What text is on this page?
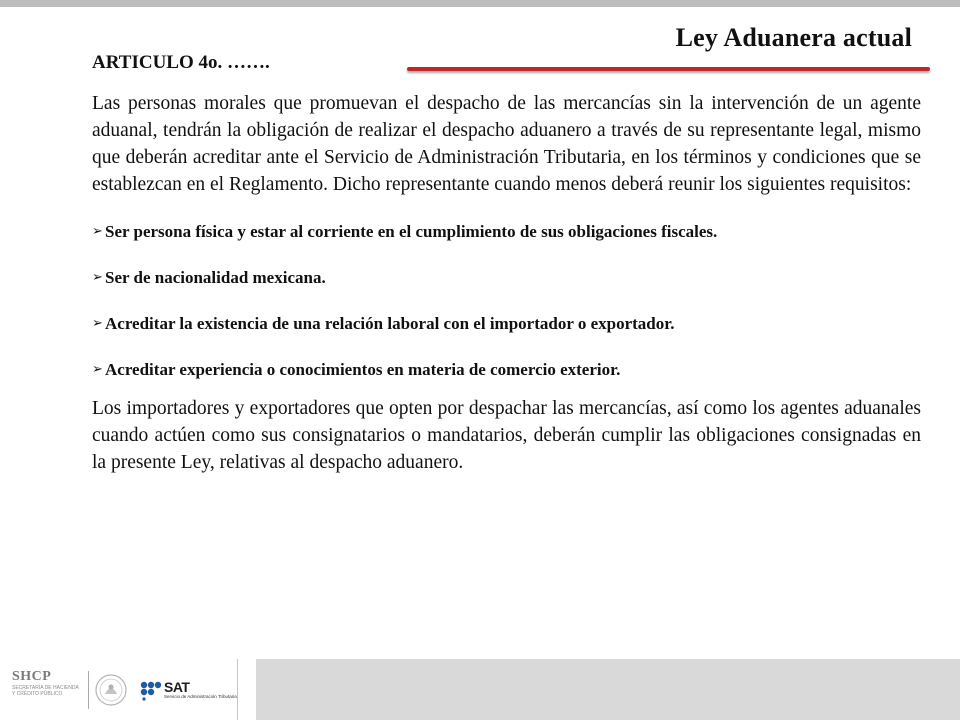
Ley Aduanera actual

ARTICULO 4o. …….

Las personas morales que promuevan el despacho de las mercancías sin la intervención de un agente aduanal, tendrán la obligación de realizar el despacho aduanero a través de su representante legal, mismo que deberán acreditar ante el Servicio de Administración Tributaria, en los términos y condiciones que se establezcan en el Reglamento. Dicho representante cuando menos deberá reunir los siguientes requisitos:

➢ Ser persona física y estar al corriente en el cumplimiento de sus obligaciones fiscales.
➢ Ser de nacionalidad mexicana.
➢ Acreditar la existencia de una relación laboral con el importador o exportador.
➢ Acreditar experiencia o conocimientos en materia de comercio exterior.

Los importadores y exportadores que opten por despachar las mercancías, así como los agentes aduanales cuando actúen como sus consignatarios o mandatarios, deberán cumplir las obligaciones consignadas en la presente Ley, relativas al despacho aduanero.

SHCP
SECRETARÍA DE HACIENDA
Y CRÉDITO PÚBLICO	SAT
Servicio de Administración Tributaria
